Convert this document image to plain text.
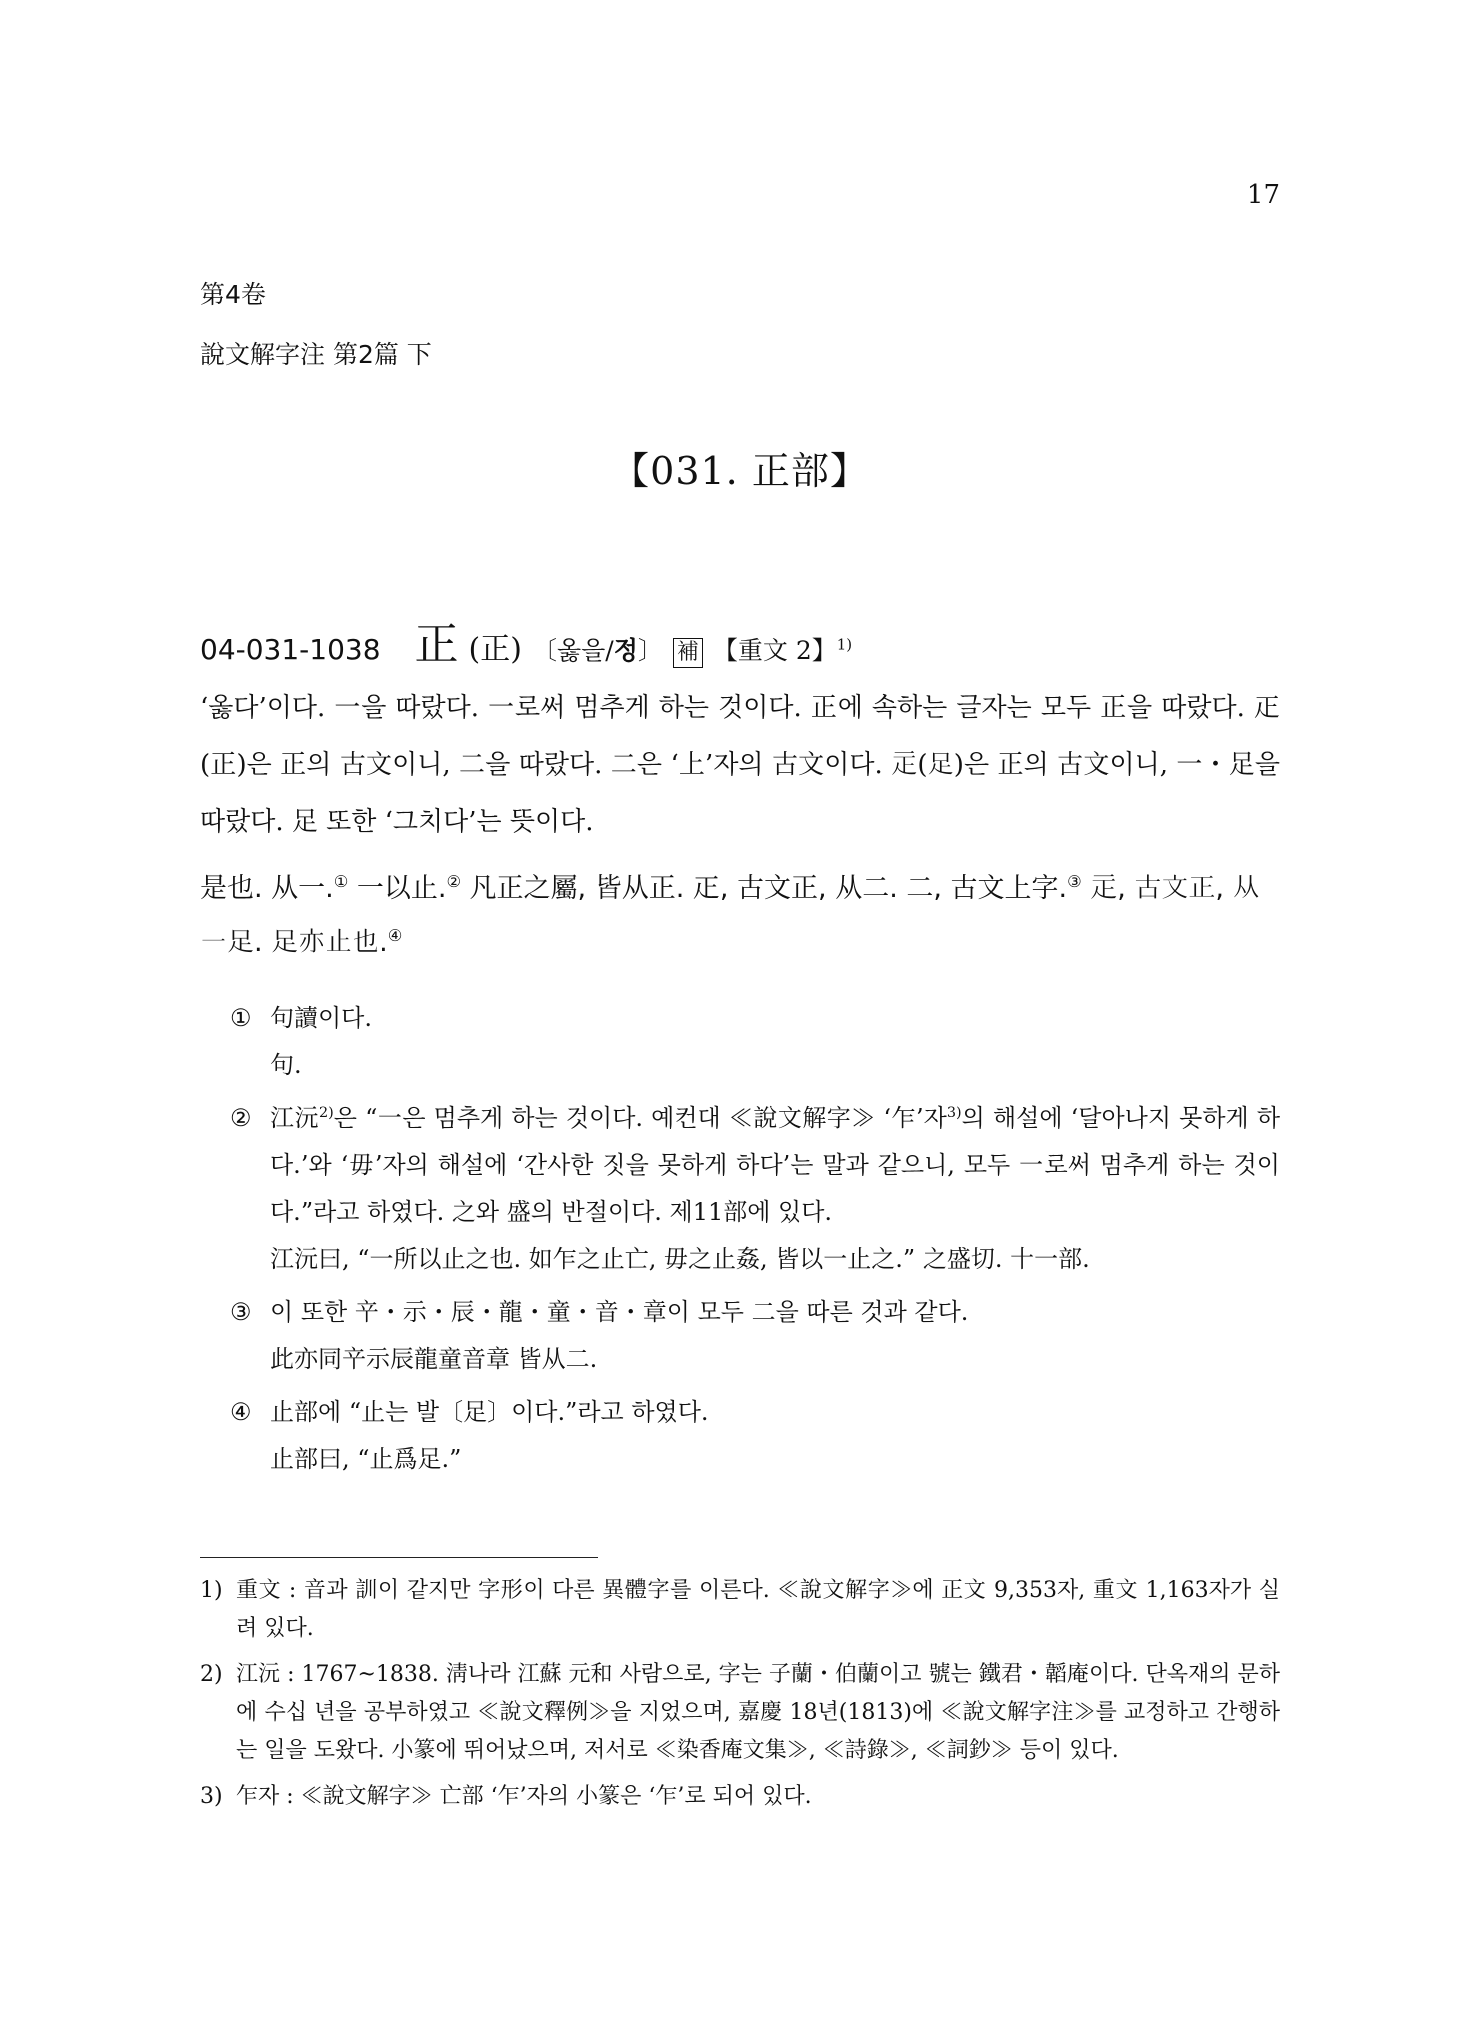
17
第4卷
說文解字注 第2篇 下
【031. 正部】
04-031-1038 正 (正) 〔옳을/정〕 補 【重文 2】$^{1)}$
‘옳다’이다. 一을 따랐다. 一로써 멈추게 하는 것이다. 正에 속하는 글자는 모두 正을 따랐다. 𤴓(正)은 正의 古文이니, 二을 따랐다. 二은 ‘上’자의 古文이다. 𤴕(足)은 正의 古文이니, 一・足을 따랐다. 足 또한 ‘그치다’는 뜻이다.
是也. 从一.① 一以止.② 凡正之屬, 皆从正. 𤴓, 古文正, 从二. 二, 古文上字.③ 𤴕, 古文正, 从一足. 足亦止也.④
① 句讀이다.
句.
② 江沅$^{2)}$은 “一은 멈추게 하는 것이다. 예컨대 ≪說文解字≫ ‘乍’자$^{3)}$의 해설에 ‘달아나지 못하게 하다.’와 ‘毋’자의 해설에 ‘간사한 짓을 못하게 하다’는 말과 같으니, 모두 一로써 멈추게 하는 것이다.”라고 하였다. 之와 盛의 반절이다. 제11部에 있다.
江沅曰, “一所以止之也. 如乍之止亡, 毋之止姦, 皆以一止之.” 之盛切. 十一部.
③ 이 또한 䇂・示・辰・龍・童・音・章이 모두 二을 따른 것과 같다.
此亦同䇂示辰龍童音章 皆从二.
④ 止部에 “止는 발〔足〕이다.”라고 하였다.
止部曰, “止爲足.”
1) 重文 : 音과 訓이 같지만 字形이 다른 異體字를 이른다. ≪說文解字≫에 正文 9,353자, 重文 1,163자가 실려 있다.
2) 江沅 : 1767~1838. 淸나라 江蘇 元和 사람으로, 字는 子蘭・伯蘭이고 號는 鐵君・韜庵이다. 단옥재의 문하에 수십 년을 공부하였고 ≪說文釋例≫을 지었으며, 嘉慶 18년(1813)에 ≪說文解字注≫를 교정하고 간행하는 일을 도왔다. 小篆에 뛰어났으며, 저서로 ≪染香庵文集≫, ≪詩錄≫, ≪詞鈔≫ 등이 있다.
3) 乍자 : ≪說文解字≫ 亡部 ‘乍’자의 小篆은 ‘乍’로 되어 있다.
